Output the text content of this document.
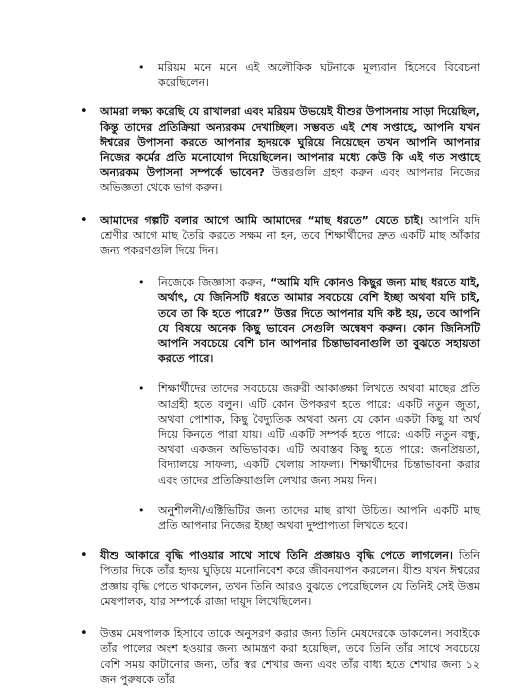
•	মরিয়ম মনে মনে এই অলৌকিক ঘটনাকে মূল্যবান হিসেবে বিবেচনা করেছিলেন।
•	আমরা লক্ষ্য করেছি যে রাখালরা এবং মরিয়ম উভয়েই যীশুর উপাসনায় সাড়া দিয়েছিল, কিন্তু তাদের প্রতিক্রিয়া অন্যরকম দেখাচ্ছিল। সম্ভবত এই শেষ সপ্তাহে, আপনি যখন ঈশ্বরের উপাসনা করতে আপনার হৃদয়কে ঘুরিয়ে নিয়েছেন তখন আপনি আপনার নিজের কর্মের প্রতি মনোযোগ দিয়েছিলেন। আপনার মধ্যে কেউ কি এই গত সপ্তাহে অন্যরকম উপাসনা সম্পর্কে ভাবেন? উত্তরগুলি গ্রহণ করুন এবং আপনার নিজের অভিজ্ঞতা থেকে ভাগ করুন।
•	আমাদের গল্পটি বলার আগে আমি আমাদের “মাছ ধরতে” যেতে চাই। আপনি যদি শ্রেণীর আগে মাছ তৈরি করতে সক্ষম না হন, তবে শিক্ষার্থীদের দ্রুত একটি মাছ আঁকার জন্য পকরণগুলি দিয়ে দিন।
•	নিজেকে জিজ্ঞাসা করুন, “আমি যদি কোনও কিছুর জন্য মাছ ধরতে যাই, অর্থাৎ, যে জিনিসটি ধরতে আমার সবচেয়ে বেশি ইচ্ছা অথবা যদি চাই, তবে তা কি হতে পারে?” উত্তর দিতে আপনার যদি কষ্ট হয়, তবে আপনি যে বিষয়ে অনেক কিছু ভাবেন সেগুলি অন্বেষণ করুন। কোন জিনিসটি আপনি সবচেয়ে বেশি চান আপনার চিন্তাভাবনাগুলি তা বুঝতে সহায়তা করতে পারে।
•	শিক্ষার্থীদের তাদের সবচেয়ে জরুরী আকাঙ্ক্ষা লিখতে অথবা মাছের প্রতি আগ্রহী হতে বলুন। এটি কোন উপকরণ হতে পারে: একটি নতুন জুতা, অথবা পোশাক, কিছু বৈদ্যুতিক অথবা অন্য যে কোন একটা কিছু যা অর্থ দিয়ে কিনতে পারা যায়। এটি একটি সম্পর্ক হতে পারে: একটি নতুন বন্ধু, অথবা একজন অভিভাবক। এটি অবাস্তব কিছু হতে পারে: জনপ্রিয়তা, বিদ্যালয়ে সাফল্য, একটি খেলায় সাফল্য। শিক্ষার্থীদের চিন্তাভাবনা করার এবং তাদের প্রতিক্রিয়াগুলি লেখার জন্য সময় দিন।
•	অনুশীলনী/এক্টিভিটির জন্য তাদের মাছ রাখা উচিত। আপনি একটি মাছ প্রতি আপনার নিজের ইচ্ছা অথবা দুষ্প্রাপ্যতা লিখতে হবে।
•	যীশু আকারে বৃদ্ধি পাওয়ার সাথে সাথে তিনি প্রজ্ঞায়ও বৃদ্ধি পেতে লাগলেন। তিনি পিতার দিকে তাঁর হৃদয় ঘুড়িয়ে মনোনিবেশ করে জীবনযাপন করলেন। যীশু যখন ঈশ্বরের প্রজ্ঞায় বৃদ্ধি পেতে থাকলেন, তখন তিনি আরও বুঝতে পেরেছিলেন যে তিনিই সেই উত্তম মেষপালক, যার সম্পর্কে রাজা দায়ূদ লিখেছিলেন।
•	উত্তম মেষপালক হিসাবে তাকে অনুসরণ করার জন্য তিনি মেষদেরকে ডাকলেন। সবাইকে তাঁর পালের অংশ হওয়ার জন্য আমন্ত্রণ করা হয়েছিল, তবে তিনি তাঁর সাথে সবচেয়ে বেশি সময় কাটানোর জন্য, তাঁর স্বর শেখার জন্য এবং তাঁর বাধ্য হতে শেখার জন্য ১২ জন পুরুষকে তাঁর
